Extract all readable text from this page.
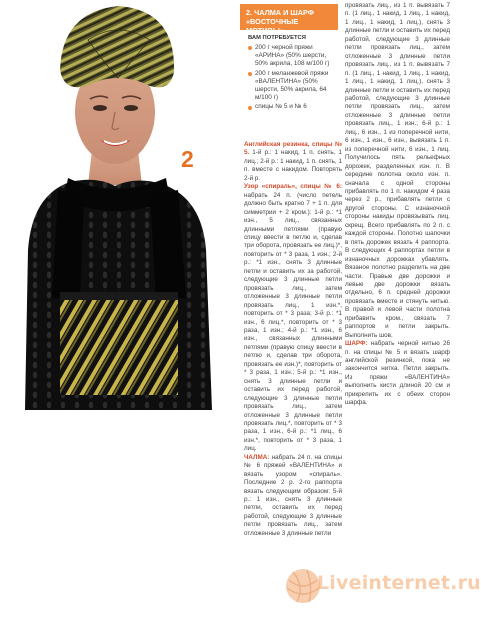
2
2. ЧАЛМА И ШАРФ
«ВОСТОЧНЫЕ МОТИВЫ»
ВАМ ПОТРЕБУЕТСЯ
200 г черной пряжи «АРИНА» (50% шерсти, 50% акрила, 108 м/100 г)
200 г меланжевой пряжи «ВАЛЕНТИНА» (50% шерсти, 50% акрила, 64 м/100 г)
спицы № 5 и № 6
Английская резинка, спицы № 5. 1-й р.: 1 накид, 1 п. снять, 1 лиц.; 2-й р.: 1 накид, 1 п. снять, 1 п. вместе с накидом. Повторять 2-й р.
Узор «спираль», спицы № 6: набрать 24 п. (число петель должно быть кратно 7 + 1 п. для симметрии + 2 кром.): 1-й р.: *1 изн., 5 лиц., связанных длинными петлями (правую спицу ввести в петлю и, сделав три оборота, провязать ее лиц.)*, повторить от * 3 раза, 1 изн.; 2-й р.: *1 изн., снять 3 длинные петли и оставить их за работой, следующие 3 длинные петли провязать лиц., затем отложенные 3 длинные петли провязать лиц., 1 изн.*, повторить от * 3 раза; 3-й р.: *1 изн., 6 лиц.*, повторить от * 3 раза, 1 изн.; 4-й р.: *1 изн., 6 изн., связанных длинными петлями (правую спицу ввести в петлю и, сделав три оборота, провязать ее изн.)*, повторить от * 3 раза, 1 изн.; 5-й р.: *1 изн., снять 3 длинные петли и оставить их перед работой, следующие 3 длинные петли провязать лиц., затем отложенные 3 длинные петли провязать лиц.*, повторить от * 3 раза, 1 изн., 6-й р.: *1 лиц., 6 изн.*, повторить от * 3 раза, 1 лиц.
ЧАЛМА: набрать 24 п. на спицы № 6 пряжей «ВАЛЕНТИНА» и вязать узором «спираль». Последние 2 р. 2-го раппорта вязать следующим образом: 5-й р.: 1 изн., снять 3 длинные петли, оставить их перед работой, следующие 3 длинные петли провязать лиц., затем отложенные 3 длинные петли
провязать лиц., из 1 п. вывязать 7 п. (1 лиц., 1 накид, 1 лиц., 1 накид, 1 лиц., 1 накид, 1 лиц.), снять 3 длинные петли и оставить их перед работой, следующие 3 длинные петли провязать лиц., затем отложенные 3 длинные петли провязать лиц., из 1 п. вывязать 7 п. (1 лиц., 1 накид, 1 лиц., 1 накид, 1 лиц., 1 накид, 1 лиц.), снять 3 длинные петли и оставить их перед работой, следующие 3 длинные петли провязать лиц., затем отложенные 3 длинные петли провязать лиц., 1 изн.; 6-й р.: 1 лиц., 6 изн., 1 из поперечной нити, 6 изн., 1 изн., 6 изн., вывязать 1 п. из поперечной нити, 6 изн., 1 лиц. Получилось пять рельефных дорожек, разделенных изн. п. В середине полотна около изн. п. сначала с одной стороны прибавлять по 1 п. накидом 4 раза через 2 р., прибавлять петли с другой стороны. С изнаночной стороны накиды провязывать лиц. скрещ. Всего прибавлять по 2 п. с каждой стороны. Полотно шапочки в пять дорожек вязать 4 раппорта. В следующих 4 раппортах петли в изнаночных дорожках убавлять. Вязаное полотно разделить на две части. Правые две дорожки и левые две дорожки вязать отдельно, 6 п. средней дорожки провязать вместе и стянуть нитью. В правой и левой части полотна прибавить кром., связать 7 раппортов и петли закрыть. Выполнить шов.
ШАРФ: набрать черной нитью 26 п. на спицы № 5 и вязать шарф английской резинкой, пока не закончится нитка. Петли закрыть. Из пряжи «ВАЛЕНТИНА» выполнить кисти длиной 20 см и прикрепить их с обеих сторон шарфа.
Liveinternet.ru
